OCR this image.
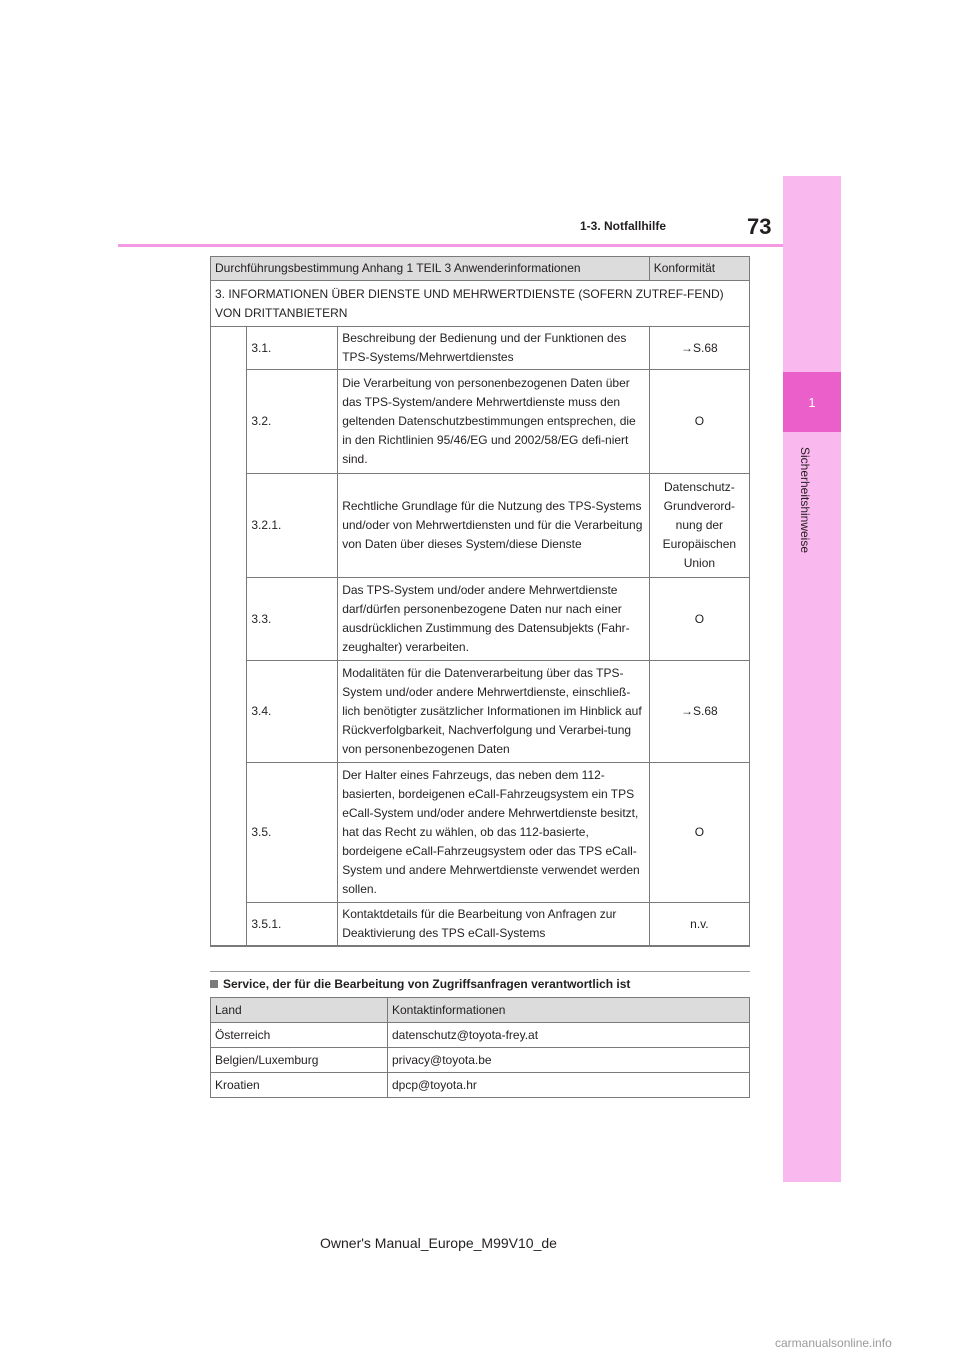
1
Sicherheitshinweise
73
1-3. Notfallhilfe
Durchführungsbestimmung Anhang 1 TEIL 3 Anwenderinformationen			Konformität
3. INFORMATIONEN ÜBER DIENSTE UND MEHRWERTDIENSTE (SOFERN ZUTREF-FEND) VON DRITTANBIETERN			
	3.1.	Beschreibung der Bedienung und der Funktionen des TPS-Systems/Mehrwertdienstes	→S.68
	3.2.	Die Verarbeitung von personenbezogenen Daten über das TPS-System/andere Mehrwertdienste muss den geltenden Datenschutzbestimmungen entsprechen, die in den Richtlinien 95/46/EG und 2002/58/EG defi-niert sind.	O
	3.2.1.	Rechtliche Grundlage für die Nutzung des TPS-Systems und/oder von Mehrwertdiensten und für die Verarbeitung von Daten über dieses System/diese Dienste	Datenschutz-Grundverord-nung der Europäischen Union
	3.3.	Das TPS-System und/oder andere Mehrwertdienste darf/dürfen personenbezogene Daten nur nach einer ausdrücklichen Zustimmung des Datensubjekts (Fahr-zeughalter) verarbeiten.	O
	3.4.	Modalitäten für die Datenverarbeitung über das TPS-System und/oder andere Mehrwertdienste, einschließ-lich benötigter zusätzlicher Informationen im Hinblick auf Rückverfolgbarkeit, Nachverfolgung und Verarbei-tung von personenbezogenen Daten	→S.68
	3.5.	Der Halter eines Fahrzeugs, das neben dem 112-basierten, bordeigenen eCall-Fahrzeugsystem ein TPS eCall-System und/oder andere Mehrwertdienste besitzt, hat das Recht zu wählen, ob das 112-basierte, bordeigene eCall-Fahrzeugsystem oder das TPS eCall-System und andere Mehrwertdienste verwendet werden sollen.	O
	3.5.1.	Kontaktdetails für die Bearbeitung von Anfragen zur Deaktivierung des TPS eCall-Systems	n.v.

Service, der für die Bearbeitung von Zugriffsanfragen verantwortlich ist
Land	Kontaktinformationen
Österreich	datenschutz@toyota-frey.at
Belgien/Luxemburg	privacy@toyota.be
Kroatien	dpcp@toyota.hr
Owner's Manual_Europe_M99V10_de
carmanualsonline.info
